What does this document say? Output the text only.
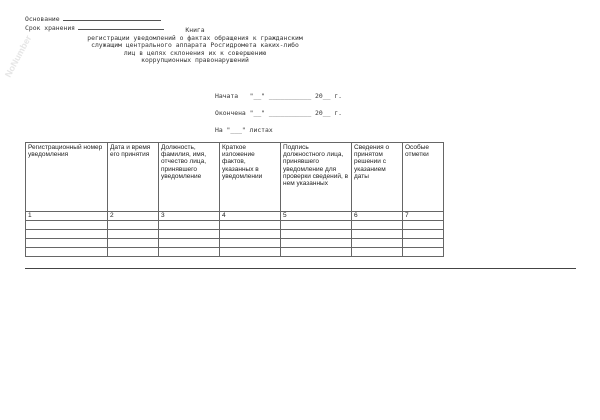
NoNumber
Основание
Срок хранения	Книга
регистрации уведомлений о фактах обращения к гражданским
служащим центрального аппарата Росгидромета каких-либо
лиц в целях склонения их к совершению
коррупционных правонарушений
Начата   "__" ___________ 20__ г.
Окончена "__" ___________ 20__ г.
На "___" листах
Регистрационный номер уведомления	Дата и время его принятия	Должность, фамилия, имя, отчество лица, принявшего уведомление	Краткое изложение фактов, указанных в уведомлении	Подпись должностного лица, принявшего уведомление для проверки сведений, в нем указанных	Сведения о принятом решении с указанием даты	Особые отметки
1	2	3	4	5	6	7
